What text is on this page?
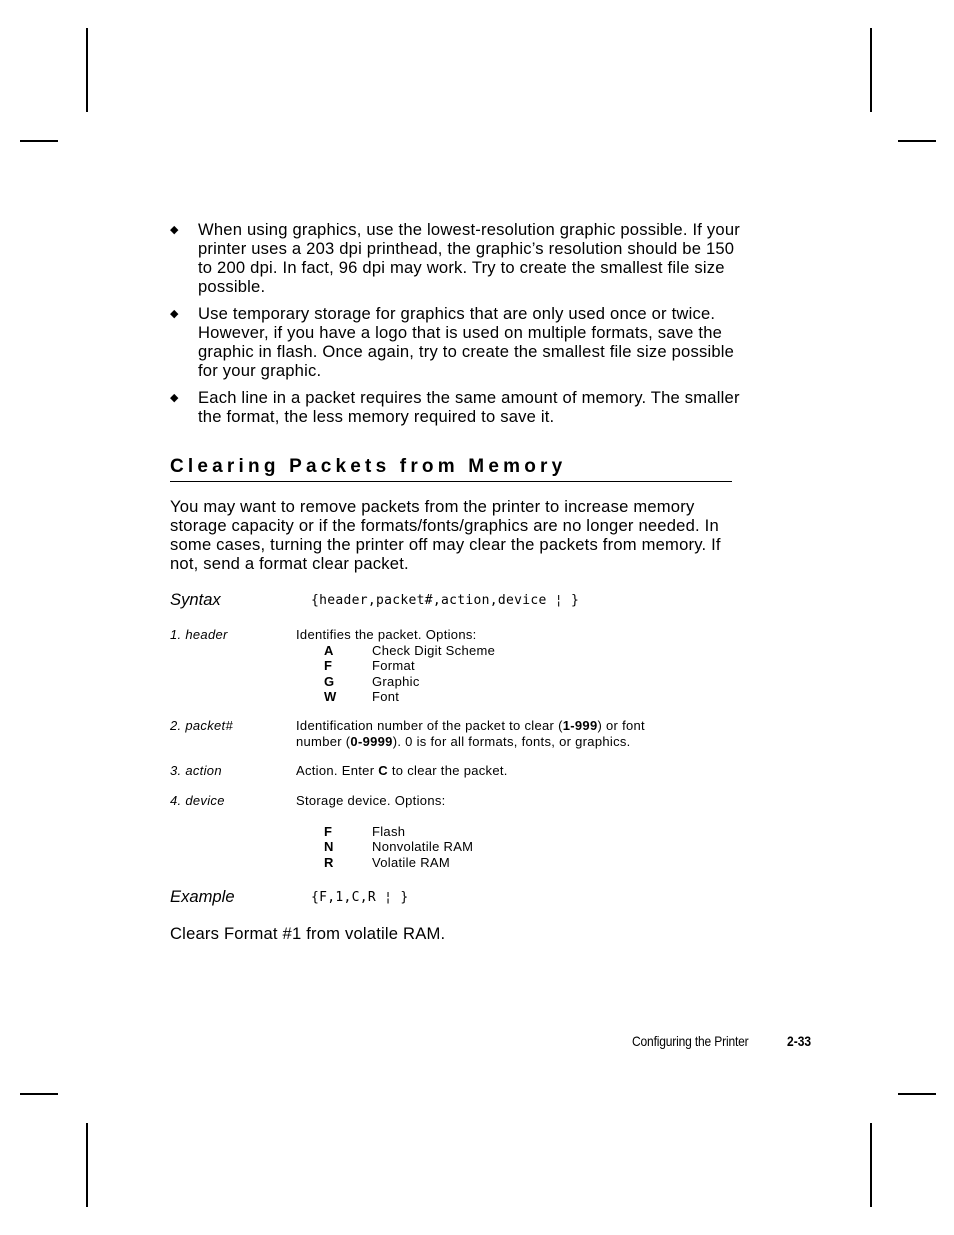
◆ When using graphics, use the lowest-resolution graphic possible. If your printer uses a 203 dpi printhead, the graphic’s resolution should be 150 to 200 dpi. In fact, 96 dpi may work. Try to create the smallest file size possible.
◆ Use temporary storage for graphics that are only used once or twice. However, if you have a logo that is used on multiple formats, save the graphic in flash. Once again, try to create the smallest file size possible for your graphic.
◆ Each line in a packet requires the same amount of memory. The smaller the format, the less memory required to save it.
Clearing Packets from Memory
You may want to remove packets from the printer to increase memory storage capacity or if the formats/fonts/graphics are no longer needed. In some cases, turning the printer off may clear the packets from memory. If not, send a format clear packet.
Syntax	{header,packet#,action,device ¦ }
1. header	Identifies the packet. Options:
A	Check Digit Scheme
F	Format
G	Graphic
W	Font
2. packet#	Identification number of the packet to clear (1-999) or font
number (0-9999). 0 is for all formats, fonts, or graphics.
3. action	Action. Enter C to clear the packet.
4. device	Storage device. Options:
F	Flash
N	Nonvolatile RAM
R	Volatile RAM
Example	{F,1,C,R ¦ }
Clears Format #1 from volatile RAM.
Configuring the Printer	2-33
